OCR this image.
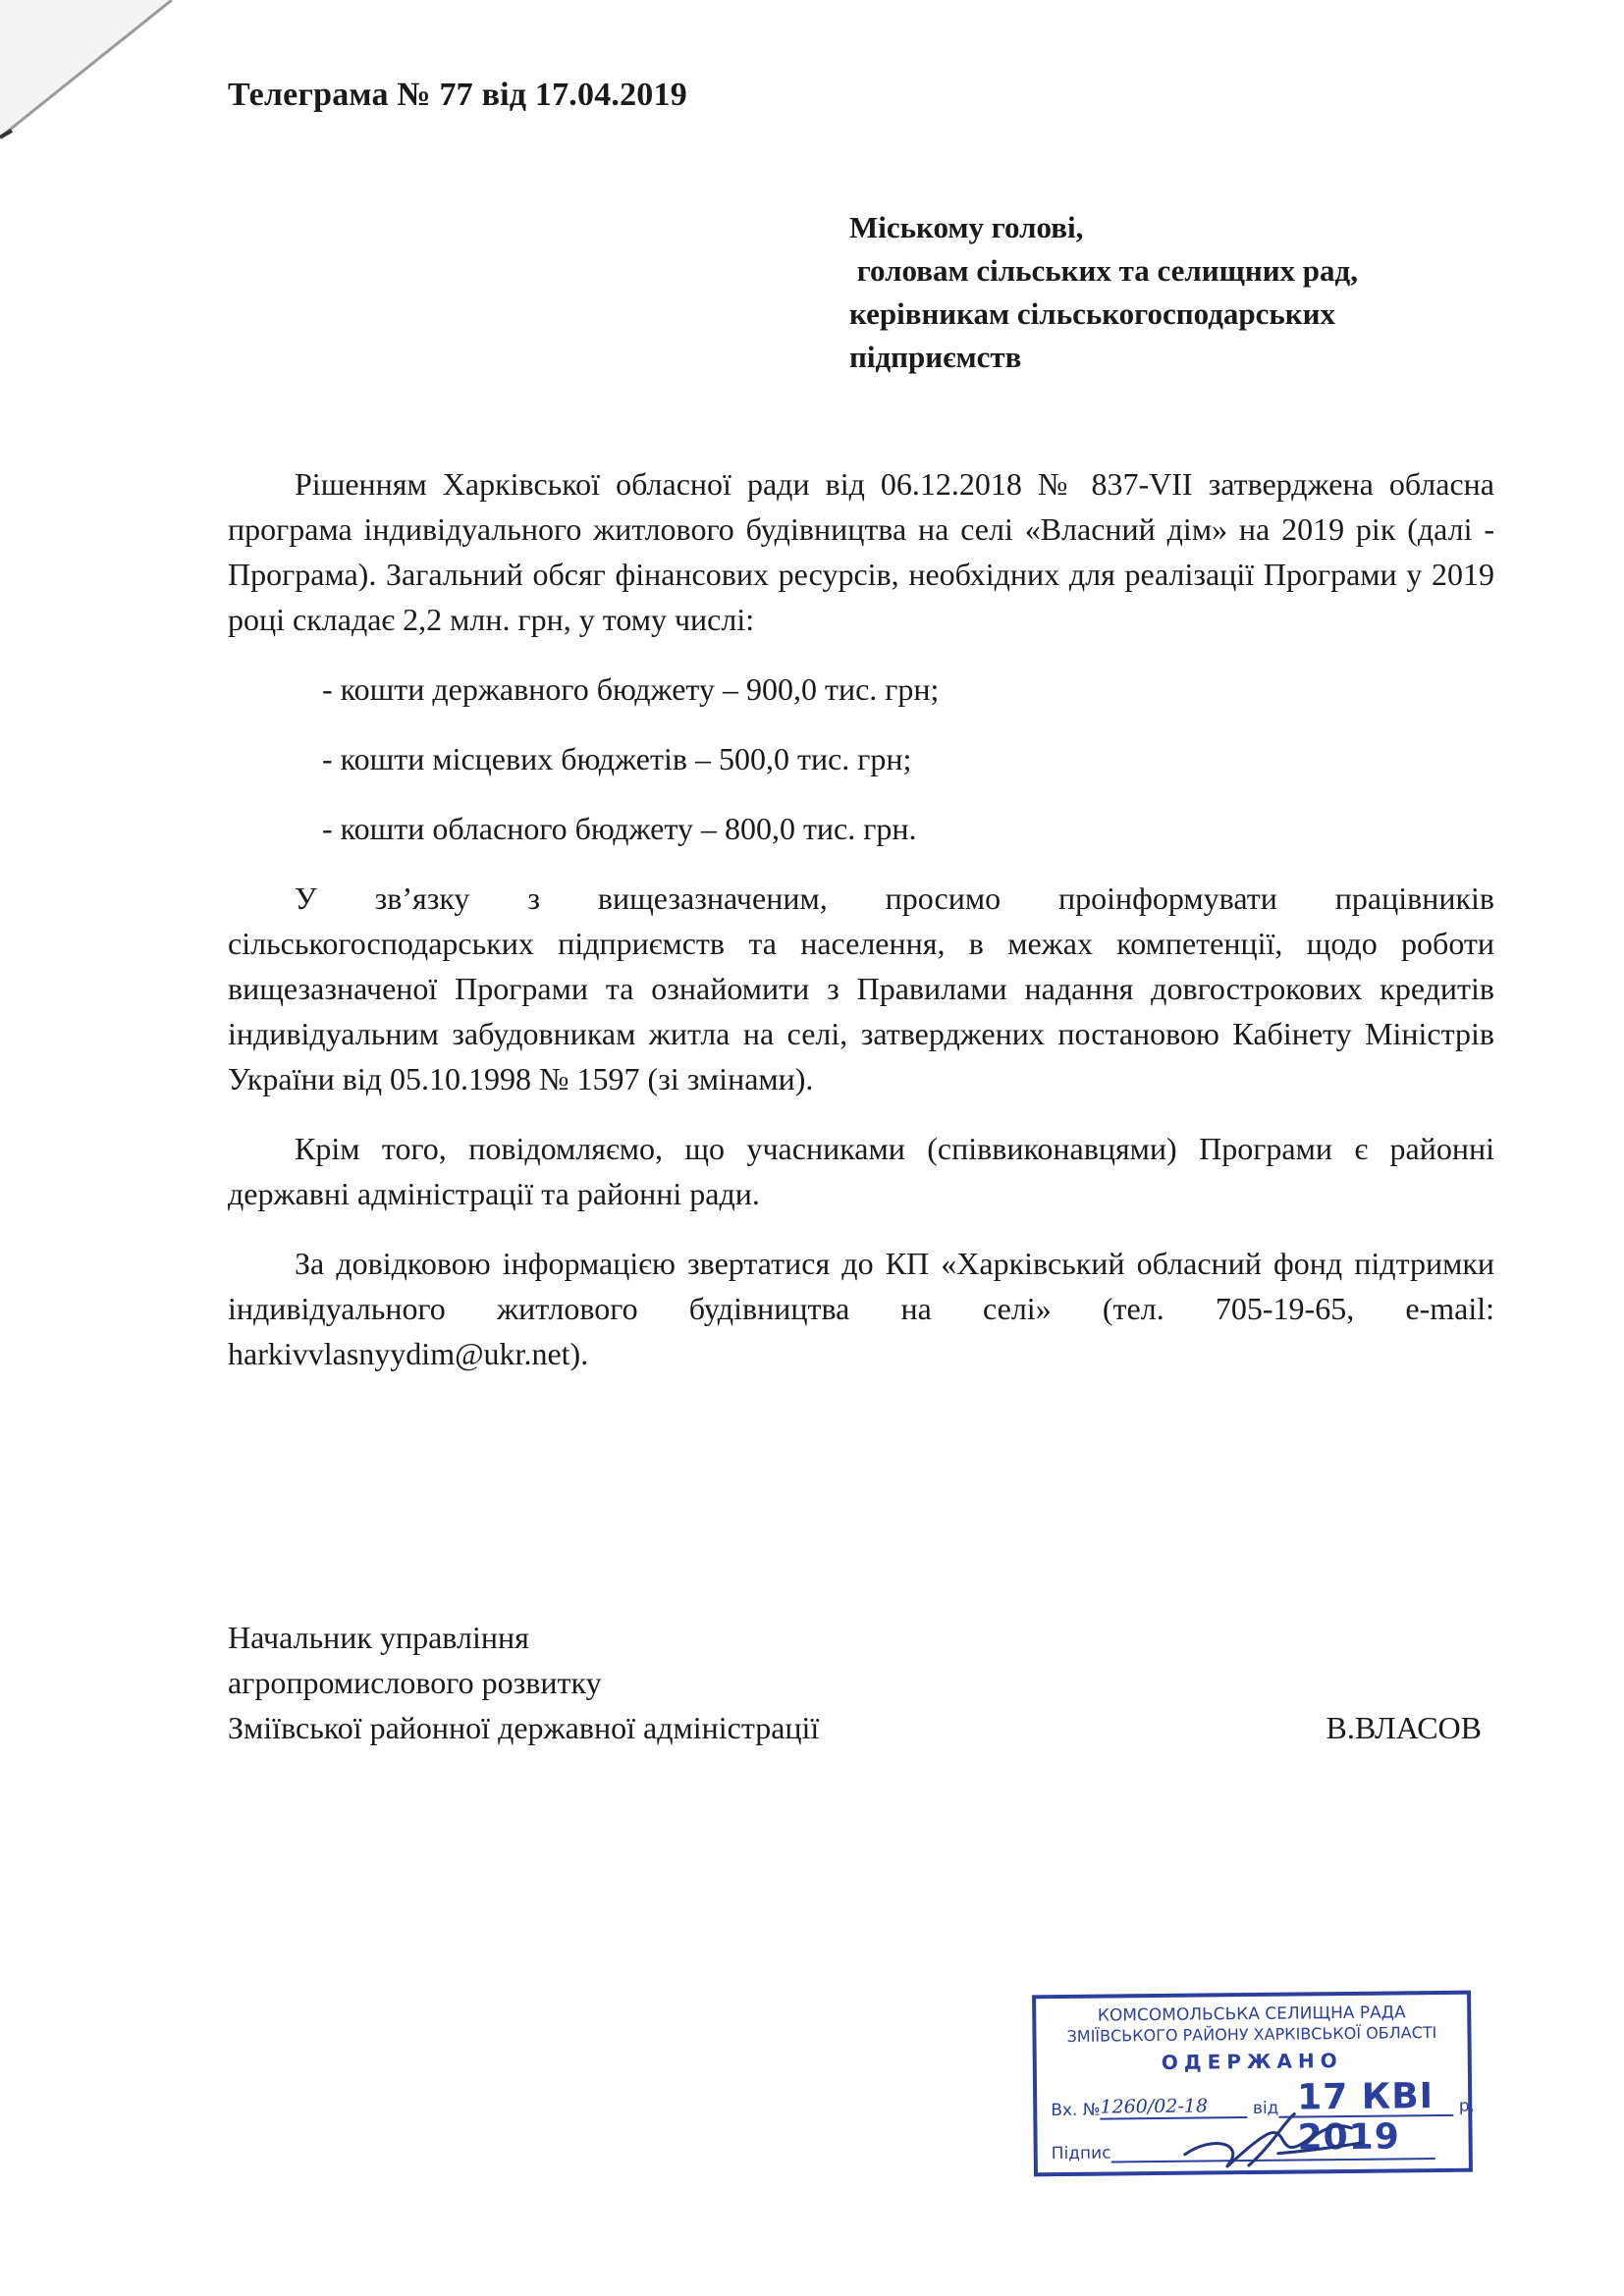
Телеграма № 77 від 17.04.2019
Міському голові,
головам сільських та селищних рад,
керівникам сільськогосподарських
підприємств

Рішенням Харківської обласної ради від 06.12.2018 № 837-VII затверджена обласна програма індивідуального житлового будівництва на селі «Власний дім» на 2019 рік (далі - Програма). Загальний обсяг фінансових ресурсів, необхідних для реалізації Програми у 2019 році складає 2,2 млн. грн, у тому числі:

- кошти державного бюджету – 900,0 тис. грн;
- кошти місцевих бюджетів – 500,0 тис. грн;
- кошти обласного бюджету – 800,0 тис. грн.

У зв’язку з вищезазначеним, просимо проінформувати працівників сільськогосподарських підприємств та населення, в межах компетенції, щодо роботи вищезазначеної Програми та ознайомити з Правилами надання довгострокових кредитів індивідуальним забудовникам житла на селі, затверджених постановою Кабінету Міністрів України від 05.10.1998 № 1597 (зі змінами).

Крім того, повідомляємо, що учасниками (співвиконавцями) Програми є районні державні адміністрації та районні ради.

За довідковою інформацією звертатися до КП «Харківський обласний фонд підтримки індивідуального житлового будівництва на селі» (тел. 705-19-65, e-mail: harkivvlasnyydim@ukr.net).

Начальник управління
агропромислового розвитку
Зміївської районної державної адміністрації	В.ВЛАСОВ
КОМСОМОЛЬСЬКА СЕЛИЩНА РАДА
ЗМІЇВСЬКОГО РАЙОНУ ХАРКІВСЬКОЇ ОБЛАСТІ
ОДЕРЖАНО
Вх. №1260/02-18	від	р.
17 КВІ 2019
Підпис
